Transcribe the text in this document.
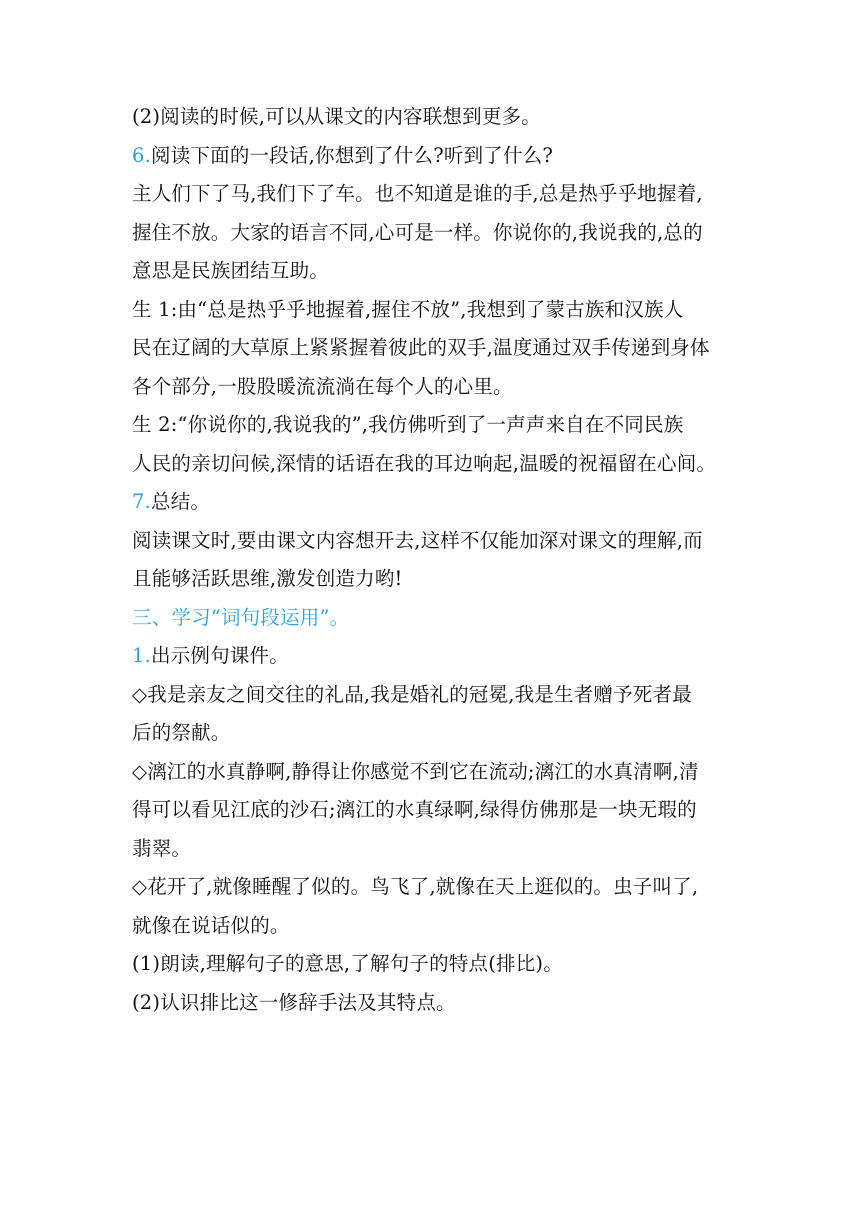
(2)阅读的时候,可以从课文的内容联想到更多。
6.阅读下面的一段话,你想到了什么?听到了什么?
主人们下了马,我们下了车。也不知道是谁的手,总是热乎乎地握着,
握住不放。大家的语言不同,心可是一样。你说你的,我说我的,总的
意思是民族团结互助。
生 1:由“总是热乎乎地握着,握住不放”,我想到了蒙古族和汉族人
民在辽阔的大草原上紧紧握着彼此的双手,温度通过双手传递到身体
各个部分,一股股暖流流淌在每个人的心里。
生 2:“你说你的,我说我的”,我仿佛听到了一声声来自在不同民族
人民的亲切问候,深情的话语在我的耳边响起,温暖的祝福留在心间。
7.总结。
阅读课文时,要由课文内容想开去,这样不仅能加深对课文的理解,而
且能够活跃思维,激发创造力哟!
三、学习“词句段运用”。
1.出示例句课件。
◇我是亲友之间交往的礼品,我是婚礼的冠冕,我是生者赠予死者最
后的祭献。
◇漓江的水真静啊,静得让你感觉不到它在流动;漓江的水真清啊,清
得可以看见江底的沙石;漓江的水真绿啊,绿得仿佛那是一块无瑕的
翡翠。
◇花开了,就像睡醒了似的。鸟飞了,就像在天上逛似的。虫子叫了,
就像在说话似的。
(1)朗读,理解句子的意思,了解句子的特点(排比)。
(2)认识排比这一修辞手法及其特点。
